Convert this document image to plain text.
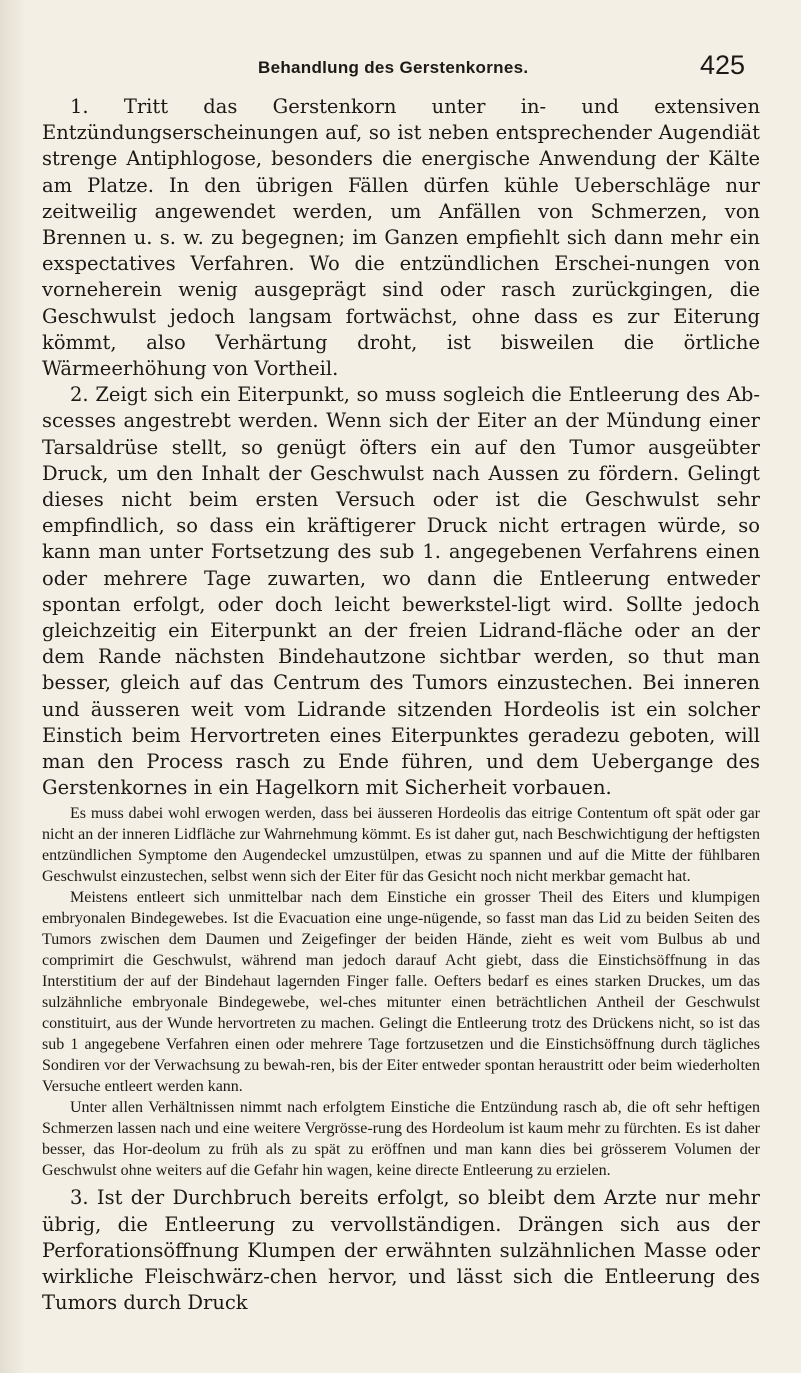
Behandlung des Gerstenkornes.	425

1. Tritt das Gerstenkorn unter in- und extensiven Entzündungserscheinungen auf, so ist neben entsprechender Augendiät strenge Antiphlogose, besonders die energische Anwendung der Kälte am Platze. In den übrigen Fällen dürfen kühle Ueberschläge nur zeitweilig angewendet werden, um Anfällen von Schmerzen, von Brennen u. s. w. zu begegnen; im Ganzen empfiehlt sich dann mehr ein exspectatives Verfahren. Wo die entzündlichen Erschei-nungen von vorneherein wenig ausgeprägt sind oder rasch zurückgingen, die Geschwulst jedoch langsam fortwächst, ohne dass es zur Eiterung kömmt, also Verhärtung droht, ist bisweilen die örtliche Wärmeerhöhung von Vortheil.

2. Zeigt sich ein Eiterpunkt, so muss sogleich die Entleerung des Ab-scesses angestrebt werden. Wenn sich der Eiter an der Mündung einer Tarsaldrüse stellt, so genügt öfters ein auf den Tumor ausgeübter Druck, um den Inhalt der Geschwulst nach Aussen zu fördern. Gelingt dieses nicht beim ersten Versuch oder ist die Geschwulst sehr empfindlich, so dass ein kräftigerer Druck nicht ertragen würde, so kann man unter Fortsetzung des sub 1. angegebenen Verfahrens einen oder mehrere Tage zuwarten, wo dann die Entleerung entweder spontan erfolgt, oder doch leicht bewerkstel-ligt wird. Sollte jedoch gleichzeitig ein Eiterpunkt an der freien Lidrand-fläche oder an der dem Rande nächsten Bindehautzone sichtbar werden, so thut man besser, gleich auf das Centrum des Tumors einzustechen. Bei inneren und äusseren weit vom Lidrande sitzenden Hordeolis ist ein solcher Einstich beim Hervortreten eines Eiterpunktes geradezu geboten, will man den Process rasch zu Ende führen, und dem Uebergange des Gerstenkornes in ein Hagelkorn mit Sicherheit vorbauen.

Es muss dabei wohl erwogen werden, dass bei äusseren Hordeolis das eitrige Contentum oft spät oder gar nicht an der inneren Lidfläche zur Wahrnehmung kömmt. Es ist daher gut, nach Beschwichtigung der heftigsten entzündlichen Symptome den Augendeckel umzustülpen, etwas zu spannen und auf die Mitte der fühlbaren Geschwulst einzustechen, selbst wenn sich der Eiter für das Gesicht noch nicht merkbar gemacht hat.

Meistens entleert sich unmittelbar nach dem Einstiche ein grosser Theil des Eiters und klumpigen embryonalen Bindegewebes. Ist die Evacuation eine unge-nügende, so fasst man das Lid zu beiden Seiten des Tumors zwischen dem Daumen und Zeigefinger der beiden Hände, zieht es weit vom Bulbus ab und comprimirt die Geschwulst, während man jedoch darauf Acht giebt, dass die Einstichsöffnung in das Interstitium der auf der Bindehaut lagernden Finger falle. Oefters bedarf es eines starken Druckes, um das sulzähnliche embryonale Bindegewebe, wel-ches mitunter einen beträchtlichen Antheil der Geschwulst constituirt, aus der Wunde hervortreten zu machen. Gelingt die Entleerung trotz des Drückens nicht, so ist das sub 1 angegebene Verfahren einen oder mehrere Tage fortzusetzen und die Einstichsöffnung durch tägliches Sondiren vor der Verwachsung zu bewah-ren, bis der Eiter entweder spontan heraustritt oder beim wiederholten Versuche entleert werden kann.

Unter allen Verhältnissen nimmt nach erfolgtem Einstiche die Entzündung rasch ab, die oft sehr heftigen Schmerzen lassen nach und eine weitere Vergrösse-rung des Hordeolum ist kaum mehr zu fürchten. Es ist daher besser, das Hor-deolum zu früh als zu spät zu eröffnen und man kann dies bei grösserem Volumen der Geschwulst ohne weiters auf die Gefahr hin wagen, keine directe Entleerung zu erzielen.

3. Ist der Durchbruch bereits erfolgt, so bleibt dem Arzte nur mehr übrig, die Entleerung zu vervollständigen. Drängen sich aus der Perforationsöffnung Klumpen der erwähnten sulzähnlichen Masse oder wirkliche Fleischwärz-chen hervor, und lässt sich die Entleerung des Tumors durch Druck
